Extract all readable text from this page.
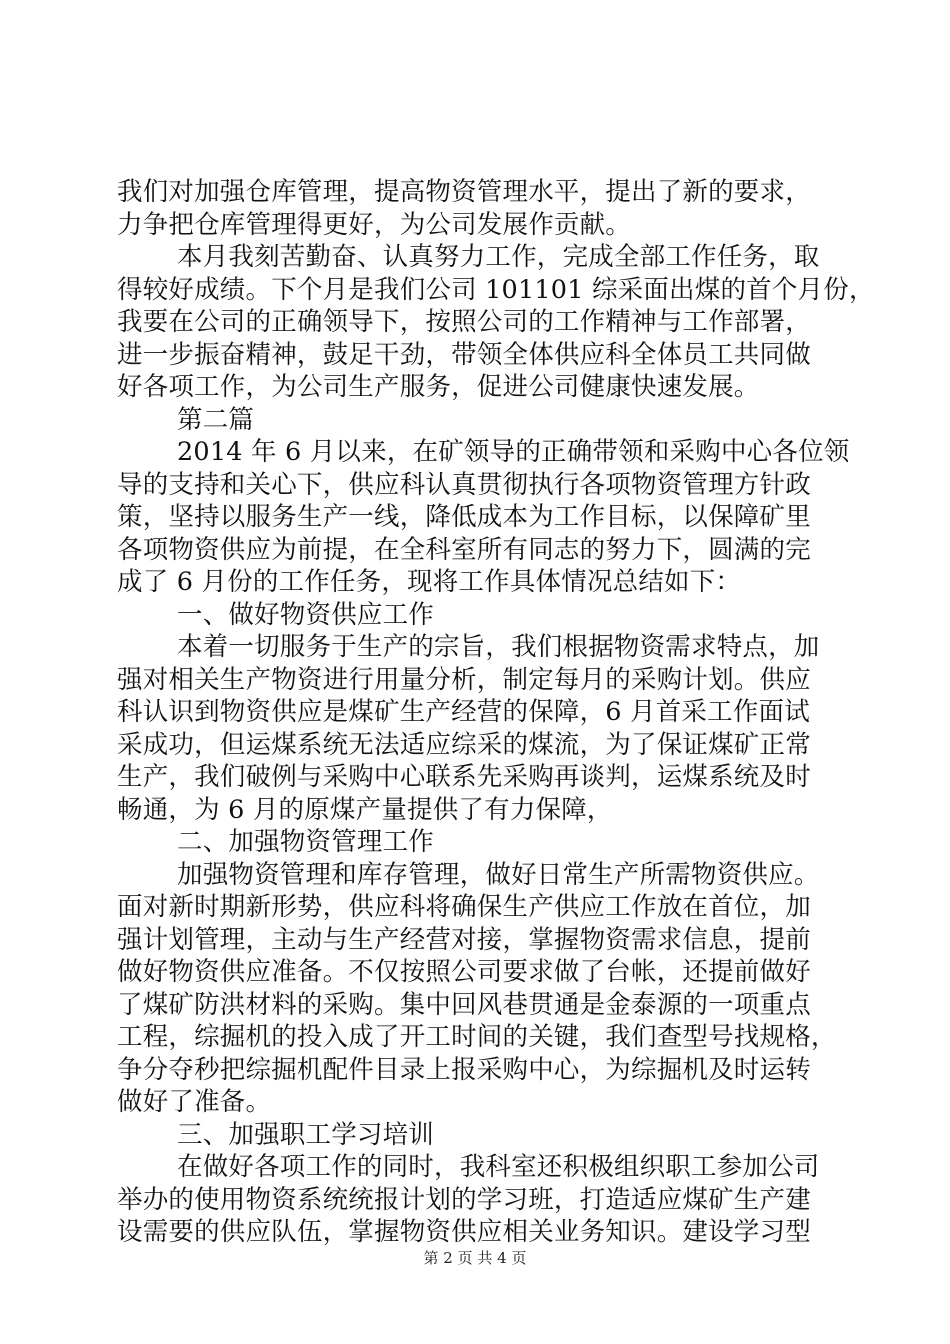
我们对加强仓库管理，提高物资管理水平，提出了新的要求，
力争把仓库管理得更好，为公司发展作贡献。
本月我刻苦勤奋、认真努力工作，完成全部工作任务，取
得较好成绩。下个月是我们公司 101101 综采面出煤的首个月份，
我要在公司的正确领导下，按照公司的工作精神与工作部署，
进一步振奋精神，鼓足干劲，带领全体供应科全体员工共同做
好各项工作，为公司生产服务，促进公司健康快速发展。
第二篇
2014 年 6 月以来，在矿领导的正确带领和采购中心各位领
导的支持和关心下，供应科认真贯彻执行各项物资管理方针政
策，坚持以服务生产一线，降低成本为工作目标，以保障矿里
各项物资供应为前提，在全科室所有同志的努力下，圆满的完
成了 6 月份的工作任务，现将工作具体情况总结如下：
一、做好物资供应工作
本着一切服务于生产的宗旨，我们根据物资需求特点，加
强对相关生产物资进行用量分析，制定每月的采购计划。供应
科认识到物资供应是煤矿生产经营的保障，6 月首采工作面试
采成功，但运煤系统无法适应综采的煤流，为了保证煤矿正常
生产，我们破例与采购中心联系先采购再谈判，运煤系统及时
畅通，为 6 月的原煤产量提供了有力保障，
二、加强物资管理工作
加强物资管理和库存管理，做好日常生产所需物资供应。
面对新时期新形势，供应科将确保生产供应工作放在首位，加
强计划管理，主动与生产经营对接，掌握物资需求信息，提前
做好物资供应准备。不仅按照公司要求做了台帐，还提前做好
了煤矿防洪材料的采购。集中回风巷贯通是金泰源的一项重点
工程，综掘机的投入成了开工时间的关键，我们查型号找规格，
争分夺秒把综掘机配件目录上报采购中心，为综掘机及时运转
做好了准备。
三、加强职工学习培训
在做好各项工作的同时，我科室还积极组织职工参加公司
举办的使用物资系统统报计划的学习班，打造适应煤矿生产建
设需要的供应队伍，掌握物资供应相关业务知识。建设学习型
第 2 页 共 4 页
